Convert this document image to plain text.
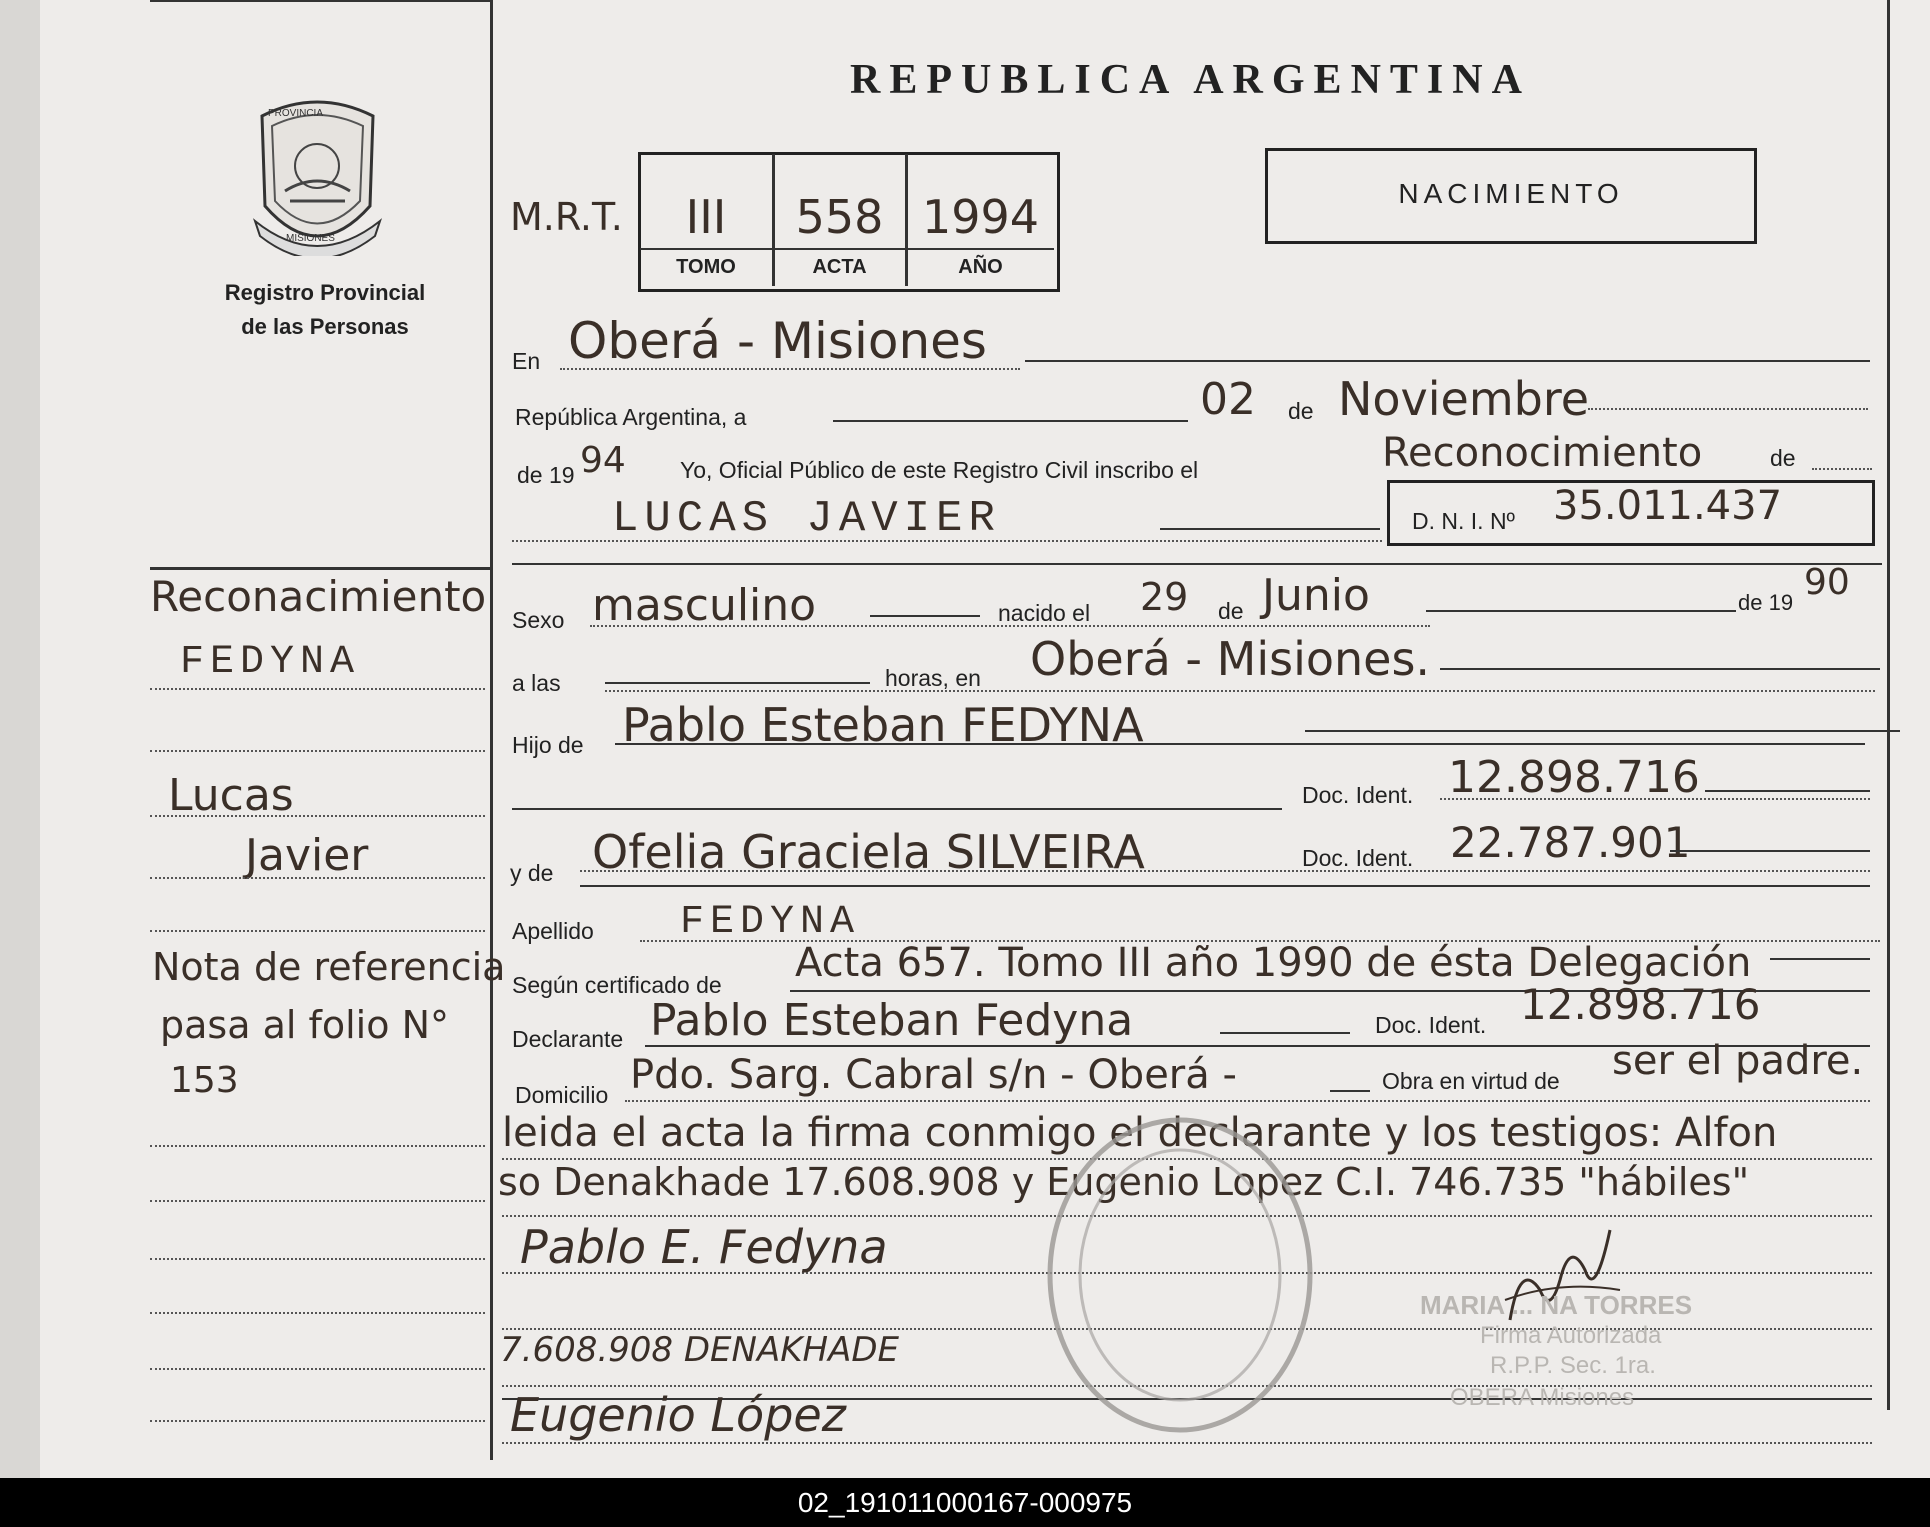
PROVINCIA
MISIONES
Registro Provincial
de las Personas
Reconacimiento
FEDYNA
Lucas
Javier
Nota de referencia
pasa al folio N°
153
REPUBLICA ARGENTINA
M.R.T.	III	558 1994
TOMO	ACTA	AÑO
NACIMIENTO
En Oberá - Misiones
República Argentina, a	02 de Noviembre
de 19 94 Yo, Oficial Público de este Registro Civil inscribo el	Reconocimiento	de
LUCAS JAVIER	D. N. I. Nº 35.011.437
Sexo masculino	nacido el 29 de Junio	de 19 90
a las	horas, en Oberá - Misiones.
Hijo de Pablo Esteban FEDYNA
Doc. Ident. 12.898.716
y de Ofelia Graciela SILVEIRA	Doc. Ident. 22.787.901
Apellido FEDYNA
Según certificado de Acta 657. Tomo III año 1990 de ésta Delegación
Declarante Pablo Esteban Fedyna	Doc. Ident. 12.898.716
Domicilio Pdo. Sarg. Cabral s/n - Oberá -	Obra en virtud de ser el padre.
leida el acta la firma conmigo el declarante y los testigos: Alfon
so Denakhade 17.608.908 y Eugenio Lopez C.I. 746.735 "hábiles"
Pablo E. Fedyna
7.608.908 DENAKHADE
Eugenio López
MARIA ... NA TORRES
Firma Autorizada
R.P.P. Sec. 1ra.
OBERA Misiones
02_191011000167-000975
